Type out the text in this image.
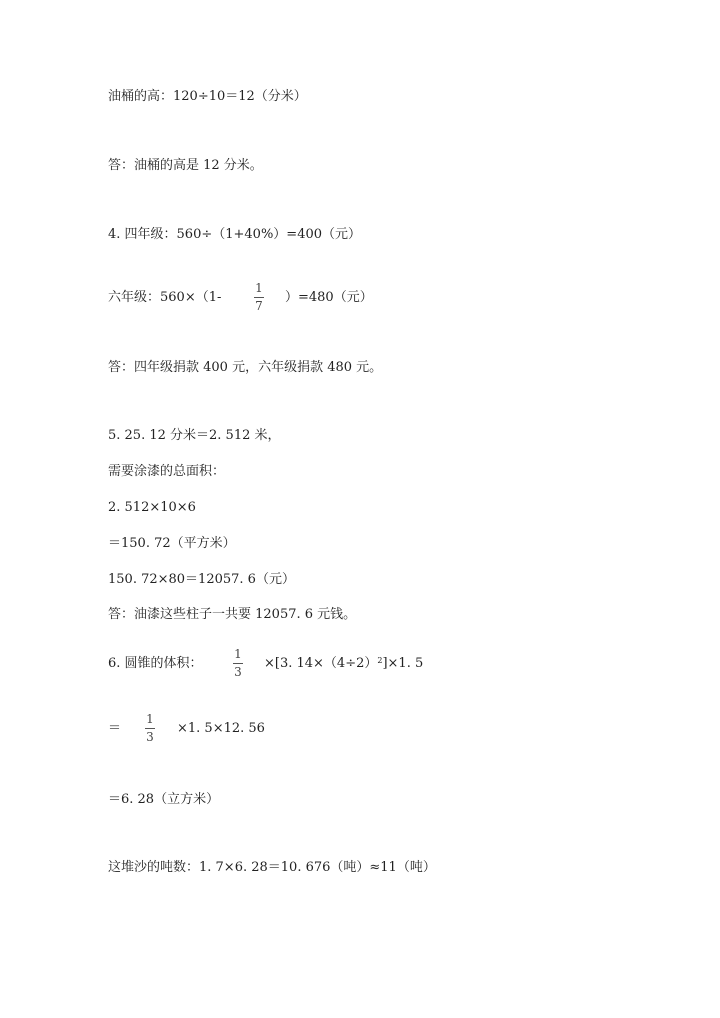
油桶的高：120÷10＝12（分米）
答：油桶的高是 12 分米。
4. 四年级：560÷（1+40%）=400（元）
六年级：560×（1-
1
7
）=480（元）
答：四年级捐款 400 元，六年级捐款 480 元。
5. 25. 12 分米＝2. 512 米，
需要涂漆的总面积：
2. 512×10×6
＝150. 72（平方米）
150. 72×80＝12057. 6（元）
答：油漆这些柱子一共要 12057. 6 元钱。
6. 圆锥的体积：
1
3
×[3. $14\times(4\div 2)^2]\times 1$. 5
＝
1
3
×1. 5×12. 56
＝6. 28（立方米）
这堆沙的吨数：1. 7×6. 28＝10. 676（吨）≈11（吨）
